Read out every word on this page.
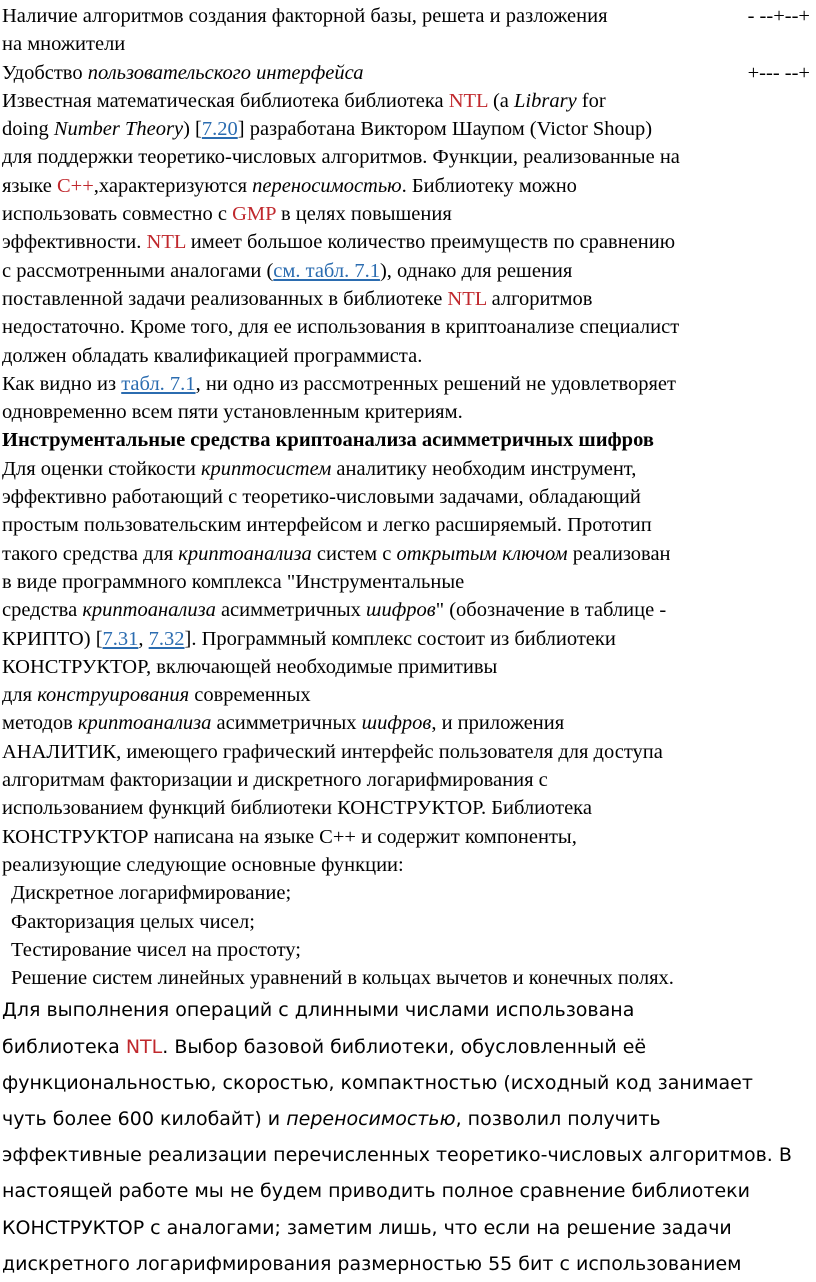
Наличие алгоритмов создания факторной базы, решета и разложения	- --+--+

на множители

Удобство пользовательского интерфейса	+--- --+

Известная математическая библиотека библиотека NTL (a Library for

doing Number Theory) [7.20] разработана Виктором Шаупом (Victor Shoup)

для поддержки теоретико-числовых алгоритмов. Функции, реализованные на

языке C++,характеризуются переносимостью. Библиотеку можно

использовать совместно с GMP в целях повышения

эффективности. NTL имеет большое количество преимуществ по сравнению

с рассмотренными аналогами (см. табл. 7.1), однако для решения

поставленной задачи реализованных в библиотеке NTL алгоритмов

недостаточно. Кроме того, для ее использования в криптоанализе специалист

должен обладать квалификацией программиста.

Как видно из табл. 7.1, ни одно из рассмотренных решений не удовлетворяет

одновременно всем пяти установленным критериям.

Инструментальные средства криптоанализа асимметричных шифров

Для оценки стойкости криптосистем аналитику необходим инструмент,

эффективно работающий с теоретико-числовыми задачами, обладающий

простым пользовательским интерфейсом и легко расширяемый. Прототип

такого средства для криптоанализа систем с открытым ключом реализован

в виде программного комплекса "Инструментальные

средства криптоанализа асимметричных шифров" (обозначение в таблице -

КРИПТО) [7.31, 7.32]. Программный комплекс состоит из библиотеки

КОНСТРУКТОР, включающей необходимые примитивы

для конструирования современных

методов криптоанализа асимметричных шифров, и приложения

АНАЛИТИК, имеющего графический интерфейс пользователя для доступа

алгоритмам факторизации и дискретного логарифмирования с

использованием функций библиотеки КОНСТРУКТОР. Библиотека

КОНСТРУКТОР написана на языке C++ и содержит компоненты,

реализующие следующие основные функции:

Дискретное логарифмирование;

Факторизация целых чисел;

Тестирование чисел на простоту;

Решение систем линейных уравнений в кольцах вычетов и конечных полях.

Для выполнения операций с длинными числами использована

библиотека NTL. Выбор базовой библиотеки, обусловленный её

функциональностью, скоростью, компактностью (исходный код занимает

чуть более 600 килобайт) и переносимостью, позволил получить

эффективные реализации перечисленных теоретико-числовых алгоритмов. В

настоящей работе мы не будем приводить полное сравнение библиотеки

КОНСТРУКТОР с аналогами; заметим лишь, что если на решение задачи

дискретного логарифмирования размерностью 55 бит с использованием
